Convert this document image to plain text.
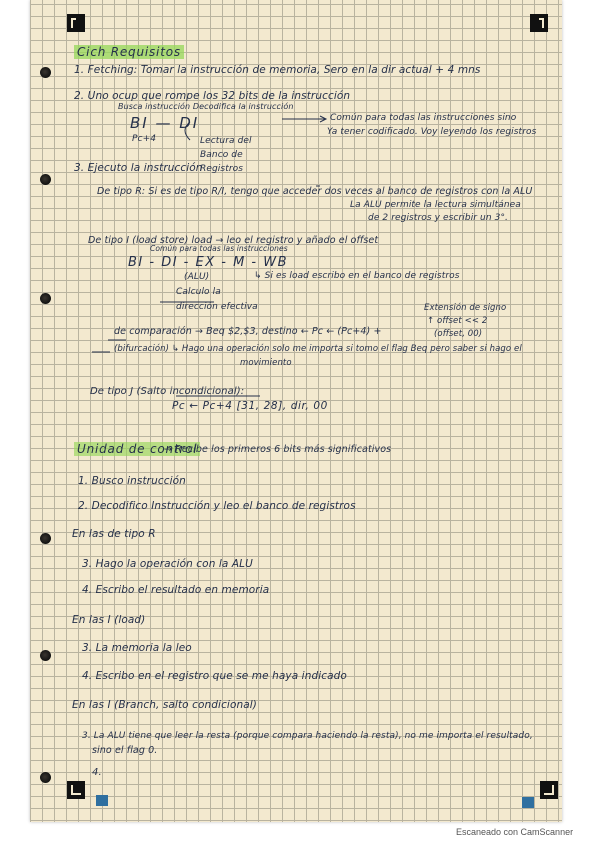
Cich Requisitos
1. Fetching: Tomar la instrucción de memoria, Sero en la dir actual + 4 mns
2. Uno ocup que rompe los 32 bits de la instrucción
Busca instrucción Decodifica la instrucción
BI — DI
Pc+4	Lectura del Banco de Registros
Común para todas las instrucciones sino
Ya tener codificado. Voy leyendo los registros
3. Ejecuto la instrucción
De tipo R: Si es de tipo R/I, tengo que acceder dos veces al banco de registros con la ALU
La ALU permite la lectura simultánea
de 2 registros y escribir un 3°.
De tipo I (load store) load → leo el registro y añado el offset
Común para todas las instrucciones
BI - DI - EX - M - WB
(ALU)
Calculo la
dirección efectiva
↳ Si es load escribo en el banco de registros
Extensión de signo
↑ offset << 2
(offset, 00)
de comparación → Beq $2,$3, destino ← Pc ← (Pc+4) +
(bifurcación) ↳ Hago una operación solo me importa si tomo el flag Beq pero saber si hago el
movimiento
De tipo J (Salto incondicional):
Pc ← Pc+4 [31, 28], dir, 00
Unidad de control
→ Recibe los primeros 6 bits más significativos
1. Busco instrucción
2. Decodifico Instrucción y leo el banco de registros
En las de tipo R
3. Hago la operación con la ALU
4. Escribo el resultado en memoria
En las I (load)
3. La memoria la leo
4. Escribo en el registro que se me haya indicado
En las I (Branch, salto condicional)
3. La ALU tiene que leer la resta (porque compara haciendo la resta), no me importa el resultado,
sino el flag 0.
4.
Escaneado con CamScanner
